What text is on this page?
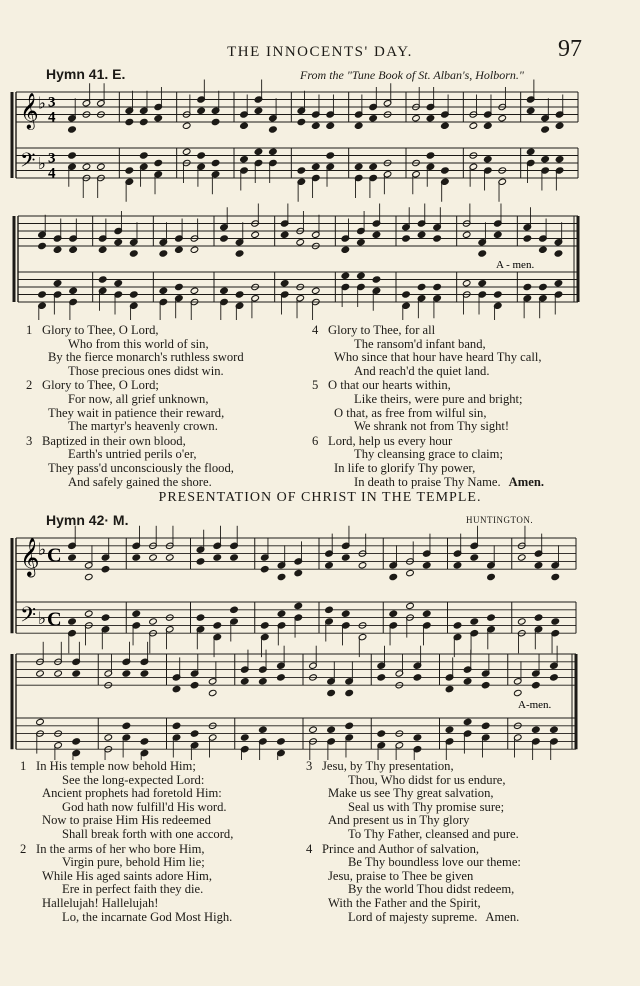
THE INNOCENTS' DAY.	97
Hymn 41. E.	From the "Tune Book of St. Alban's, Holborn."
𝄞
𝄢
♭
♭
3
4
3
4
A - men.
1 Glory to Thee, O Lord,
Who from this world of sin,
By the fierce monarch's ruthless sword
Those precious ones didst win.
2 Glory to Thee, O Lord;
For now, all grief unknown,
They wait in patience their reward,
The martyr's heavenly crown.
3 Baptized in their own blood,
Earth's untried perils o'er,
They pass'd unconsciously the flood,
And safely gained the shore.
4 Glory to Thee, for all
The ransom'd infant band,
Who since that hour have heard Thy call,
And reach'd the quiet land.
5 O that our hearts within,
Like theirs, were pure and bright;
O that, as free from wilful sin,
We shrank not from Thy sight!
6 Lord, help us every hour
Thy cleansing grace to claim;
In life to glorify Thy power,
In death to praise Thy Name. Amen.
PRESENTATION OF CHRIST IN THE TEMPLE.
Hymn 42· M.	HUNTINGTON.
𝄞
𝄢
♭
♭
C
C
A-men.
1 In His temple now behold Him;
See the long-expected Lord:
Ancient prophets had foretold Him:
God hath now fulfill'd His word.
Now to praise Him His redeemed
Shall break forth with one accord,
2 In the arms of her who bore Him,
Virgin pure, behold Him lie;
While His aged saints adore Him,
Ere in perfect faith they die.
Hallelujah! Hallelujah!
Lo, the incarnate God Most High.
3 Jesu, by Thy presentation,
Thou, Who didst for us endure,
Make us see Thy great salvation,
Seal us with Thy promise sure;
And present us in Thy glory
To Thy Father, cleansed and pure.
4 Prince and Author of salvation,
Be Thy boundless love our theme:
Jesu, praise to Thee be given
By the world Thou didst redeem,
With the Father and the Spirit,
Lord of majesty supreme. Amen.
